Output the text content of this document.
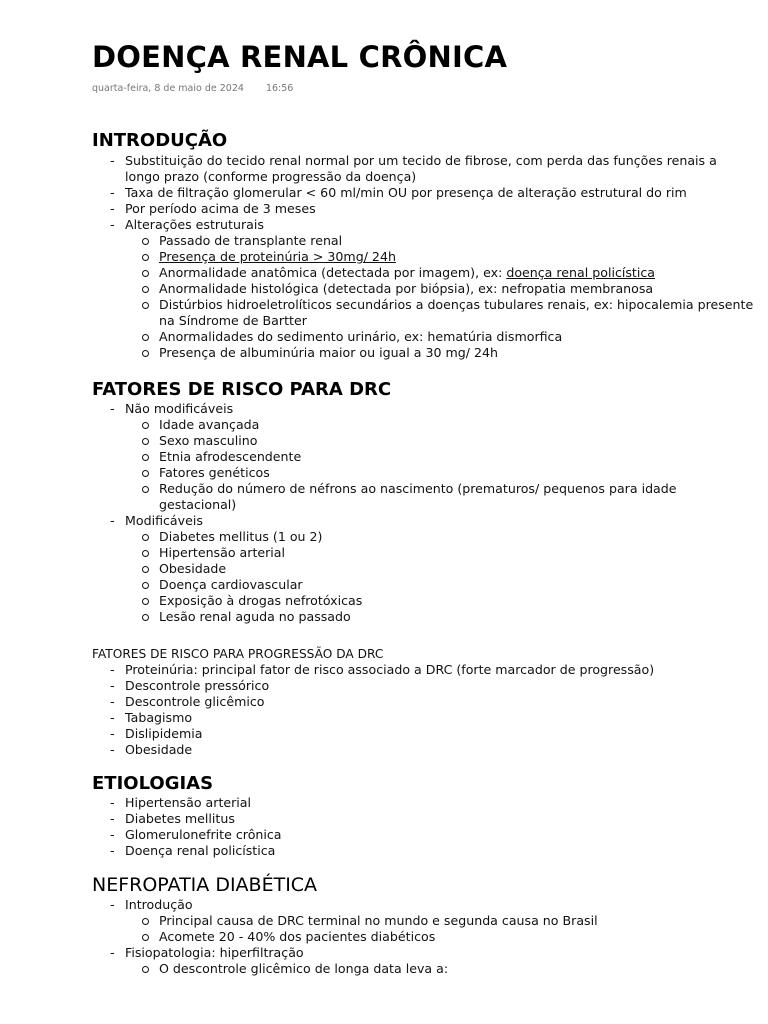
DOENÇA RENAL CRÔNICA
quarta-feira, 8 de maio de 2024 16:56
INTRODUÇÃO
- Substituição do tecido renal normal por um tecido de fibrose, com perda das funções renais a longo prazo (conforme progressão da doença)
- Taxa de filtração glomerular < 60 ml/min OU por presença de alteração estrutural do rim
- Por período acima de 3 meses
- Alterações estruturais
Passado de transplante renal
Presença de proteinúria > 30mg/ 24h
Anormalidade anatômica (detectada por imagem), ex: doença renal policística
Anormalidade histológica (detectada por biópsia), ex: nefropatia membranosa
Distúrbios hidroeletrolíticos secundários a doenças tubulares renais, ex: hipocalemia presente na Síndrome de Bartter
Anormalidades do sedimento urinário, ex: hematúria dismorfica
Presença de albuminúria maior ou igual a 30 mg/ 24h
FATORES DE RISCO PARA DRC
- Não modificáveis
Idade avançada
Sexo masculino
Etnia afrodescendente
Fatores genéticos
Redução do número de néfrons ao nascimento (prematuros/ pequenos para idade gestacional)
- Modificáveis
Diabetes mellitus (1 ou 2)
Hipertensão arterial
Obesidade
Doença cardiovascular
Exposição à drogas nefrotóxicas
Lesão renal aguda no passado
FATORES DE RISCO PARA PROGRESSÃO DA DRC
- Proteinúria: principal fator de risco associado a DRC (forte marcador de progressão)
- Descontrole pressórico
- Descontrole glicêmico
- Tabagismo
- Dislipidemia
- Obesidade
ETIOLOGIAS
- Hipertensão arterial
- Diabetes mellitus
- Glomerulonefrite crônica
- Doença renal policística
NEFROPATIA DIABÉTICA
- Introdução
Principal causa de DRC terminal no mundo e segunda causa no Brasil
Acomete 20 - 40% dos pacientes diabéticos
- Fisiopatologia: hiperfiltração
O descontrole glicêmico de longa data leva a:
